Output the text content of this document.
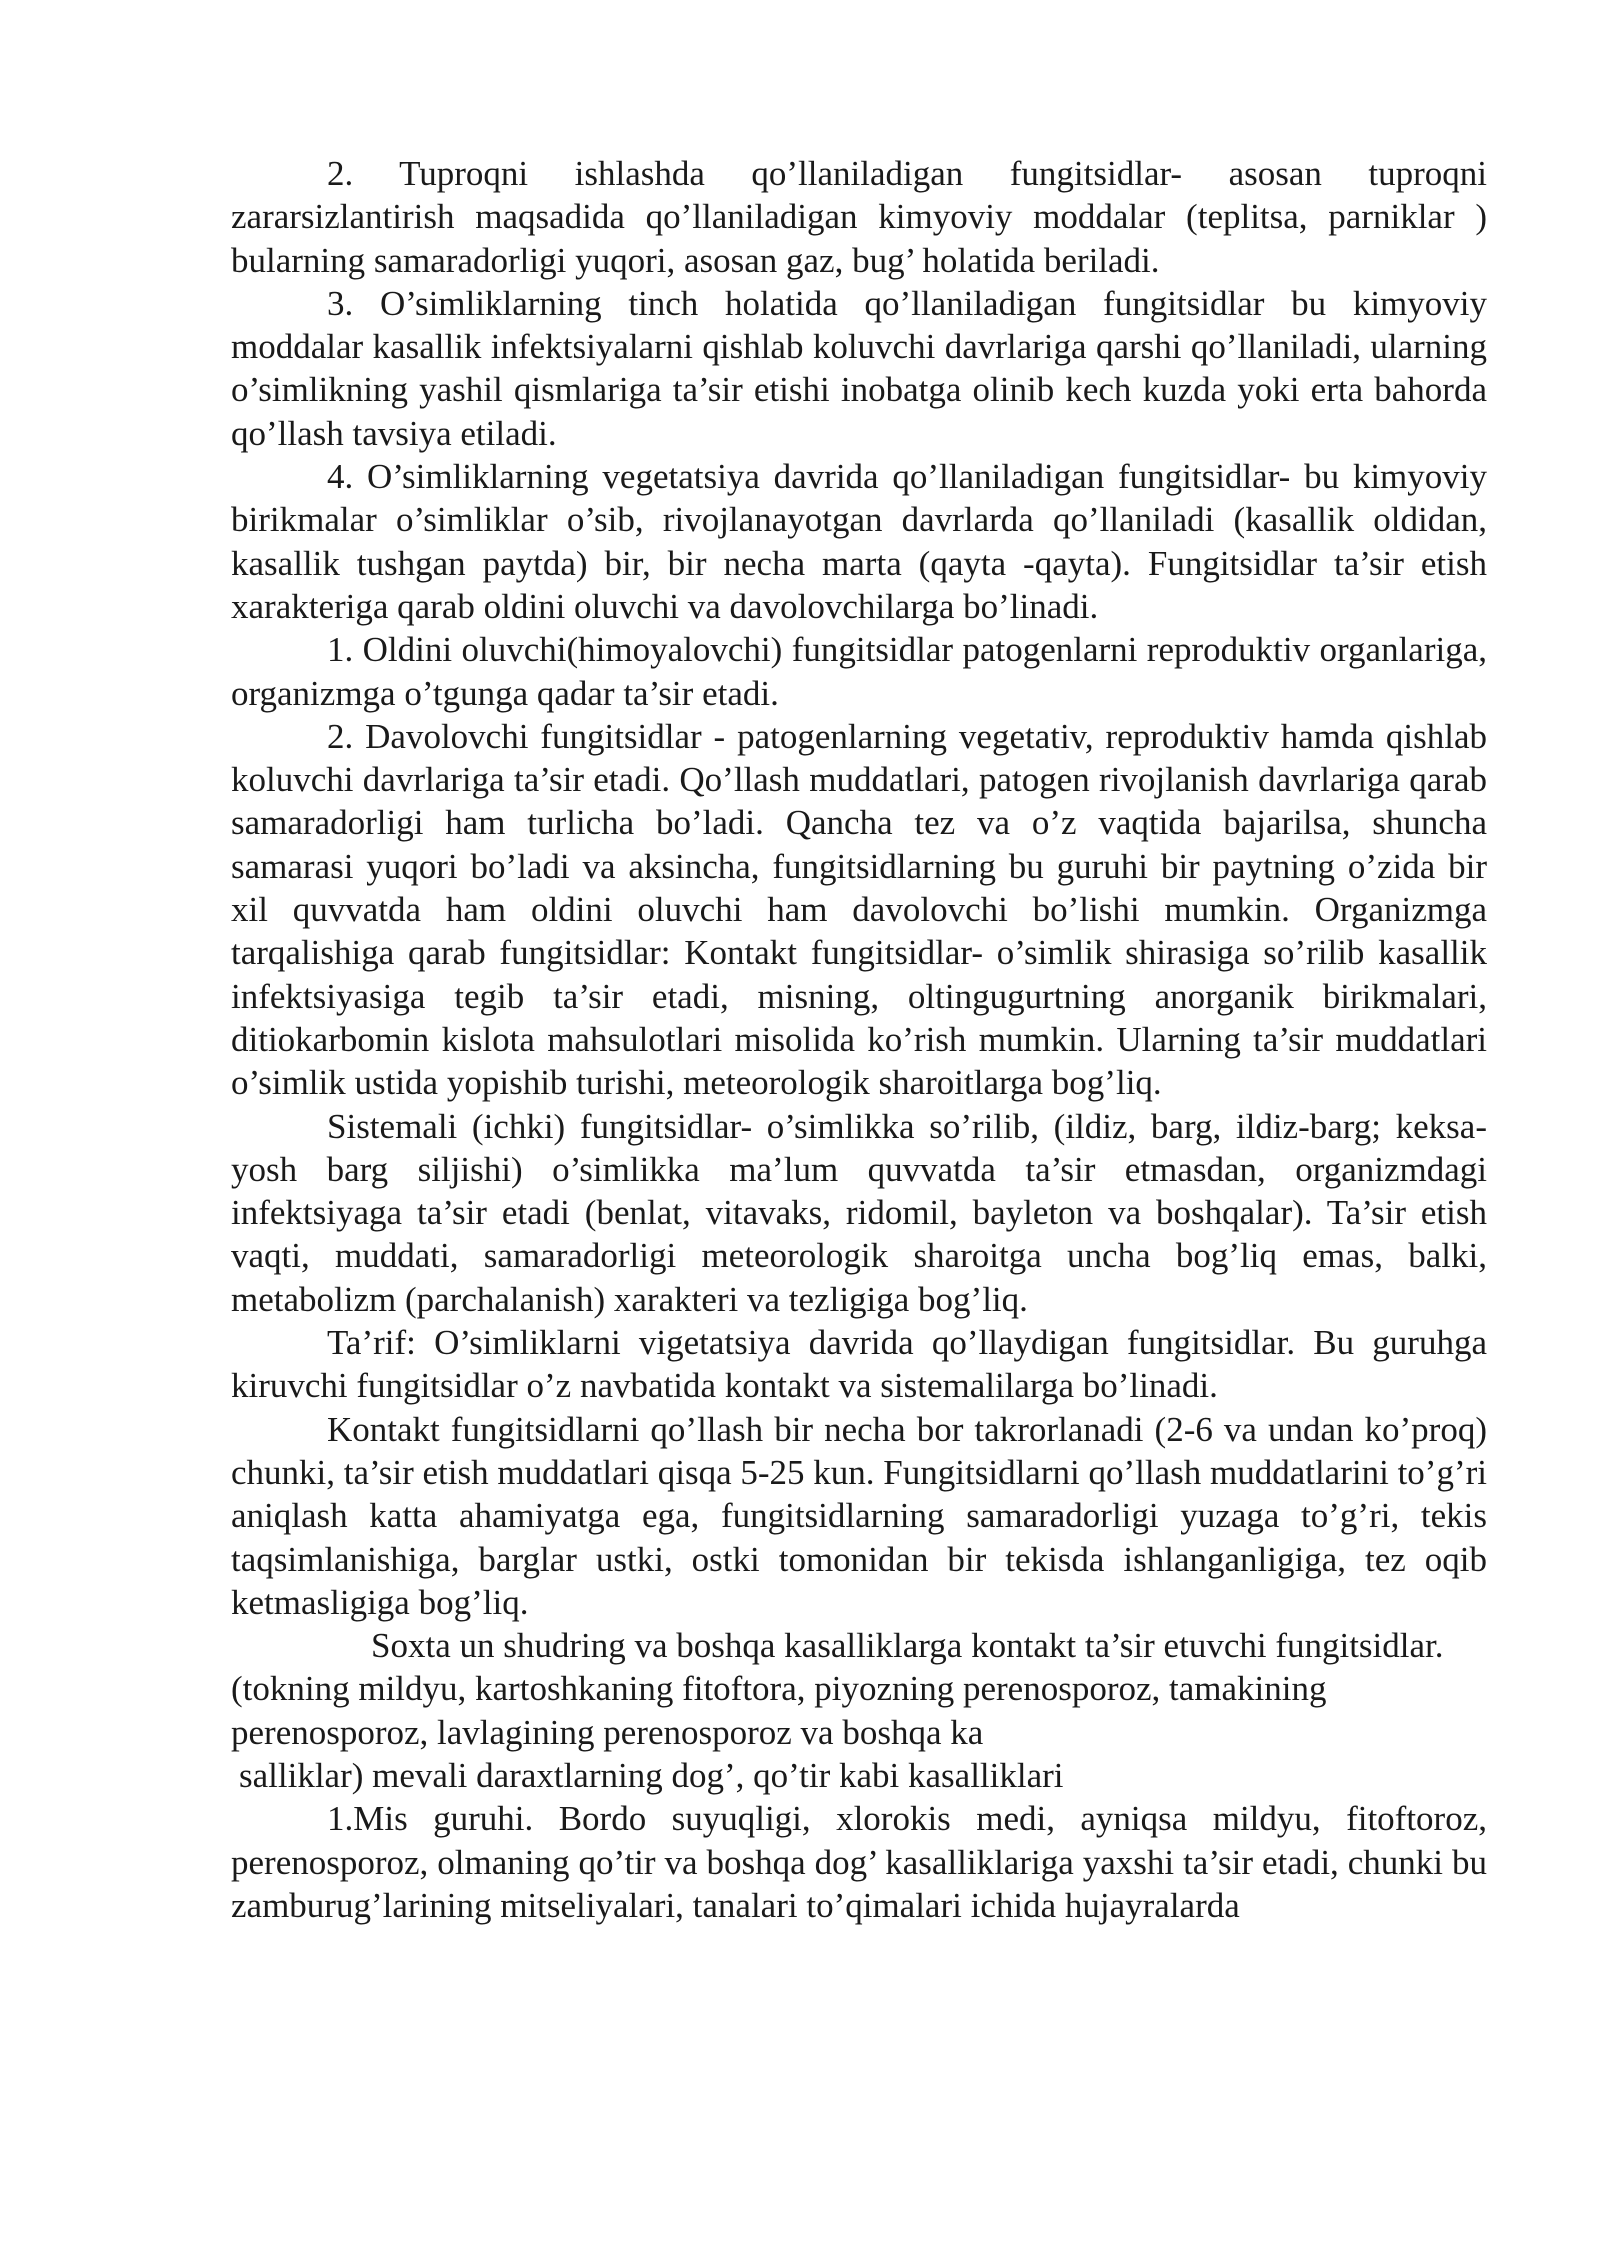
2. Tuproqni ishlashda qo’llaniladigan fungitsidlar- asosan tuproqni zararsizlantirish maqsadida qo’llaniladigan kimyoviy moddalar (teplitsa, parniklar ) bularning samaradorligi yuqori, asosan gaz, bug’ holatida beriladi.

3. O’simliklarning tinch holatida qo’llaniladigan fungitsidlar bu kimyoviy moddalar kasallik infektsiyalarni qishlab koluvchi davrlariga qarshi qo’llaniladi, ularning o’simlikning yashil qismlariga ta’sir etishi inobatga olinib kech kuzda yoki erta bahorda qo’llash tavsiya etiladi.

4. O’simliklarning vegetatsiya davrida qo’llaniladigan fungitsidlar- bu kimyoviy birikmalar o’simliklar o’sib, rivojlanayotgan davrlarda qo’llaniladi (kasallik oldidan, kasallik tushgan paytda) bir, bir necha marta (qayta -qayta). Fungitsidlar ta’sir etish xarakteriga qarab oldini oluvchi va davolovchilarga bo’linadi.

1. Oldini oluvchi(himoyalovchi) fungitsidlar patogenlarni reproduktiv organlariga, organizmga o’tgunga qadar ta’sir etadi.

2. Davolovchi fungitsidlar - patogenlarning vegetativ, reproduktiv hamda qishlab koluvchi davrlariga ta’sir etadi. Qo’llash muddatlari, patogen rivojlanish davrlariga qarab samaradorligi ham turlicha bo’ladi. Qancha tez va o’z vaqtida bajarilsa, shuncha samarasi yuqori bo’ladi va aksincha, fungitsidlarning bu guruhi bir paytning o’zida bir xil quvvatda ham oldini oluvchi ham davolovchi bo’lishi mumkin. Organizmga tarqalishiga qarab fungitsidlar: Kontakt fungitsidlar- o’simlik shirasiga so’rilib kasallik infektsiyasiga tegib ta’sir etadi, misning, oltingugurtning anorganik birikmalari, ditiokarbomin kislota mahsulotlari misolida ko’rish mumkin. Ularning ta’sir muddatlari o’simlik ustida yopishib turishi, meteorologik sharoitlarga bog’liq.

Sistemali (ichki) fungitsidlar- o’simlikka so’rilib, (ildiz, barg, ildiz-barg; keksa-yosh barg siljishi) o’simlikka ma’lum quvvatda ta’sir etmasdan, organizmdagi infektsiyaga ta’sir etadi (benlat, vitavaks, ridomil, bayleton va boshqalar). Ta’sir etish vaqti, muddati, samaradorligi meteorologik sharoitga uncha bog’liq emas, balki, metabolizm (parchalanish) xarakteri va tezligiga bog’liq.

Ta’rif: O’simliklarni vigetatsiya davrida qo’llaydigan fungitsidlar. Bu guruhga kiruvchi fungitsidlar o’z navbatida kontakt va sistemalilarga bo’linadi.

Kontakt fungitsidlarni qo’llash bir necha bor takrorlanadi (2-6 va undan ko’proq) chunki, ta’sir etish muddatlari qisqa 5-25 kun. Fungitsidlarni qo’llash muddatlarini to’g’ri aniqlash katta ahamiyatga ega, fungitsidlarning samaradorligi yuzaga to’g’ri, tekis taqsimlanishiga, barglar ustki, ostki tomonidan bir tekisda ishlanganligiga, tez oqib ketmasligiga bog’liq.

Soxta un shudring va boshqa kasalliklarga kontakt ta’sir etuvchi fungitsidlar. (tokning mildyu, kartoshkaning fitoftora, piyozning perenosporoz, tamakining perenosporoz, lavlagining perenosporoz va boshqa ka

salliklar) mevali daraxtlarning dog’, qo’tir kabi kasalliklari

1.Mis guruhi. Bordo suyuqligi, xlorokis medi, ayniqsa mildyu, fitoftoroz, perenosporoz, olmaning qo’tir va boshqa dog’ kasalliklariga yaxshi ta’sir etadi, chunki bu zamburug’larining mitseliyalari, tanalari to’qimalari ichida hujayralarda
